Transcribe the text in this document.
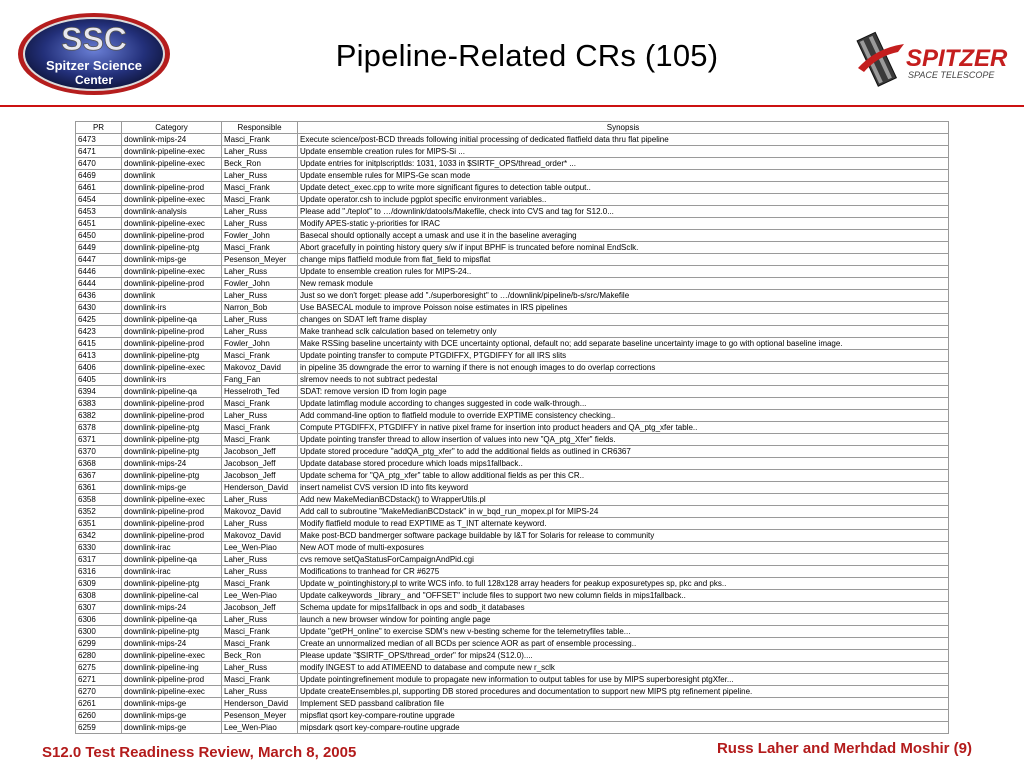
SSC
Spitzer Science
Center
Pipeline-Related CRs (105)	SPITZER
SPACE TELESCOPE
PR	Category	Responsible	Synopsis
6473	downlink-mips-24	Masci_Frank	Execute science/post-BCD threads following initial processing of dedicated flatfield data thru flat pipeline
6471	downlink-pipeline-exec	Laher_Russ	Update ensemble creation rules for MIPS-Si ...
6470	downlink-pipeline-exec	Beck_Ron	Update entries for initplscriptIds: 1031, 1033 in $SIRTF_OPS/thread_order* ...
6469	downlink	Laher_Russ	Update ensemble rules for MIPS-Ge scan mode
6461	downlink-pipeline-prod	Masci_Frank	Update detect_exec.cpp to write more significant figures to detection table output..
6454	downlink-pipeline-exec	Masci_Frank	Update operator.csh to include pgplot specific environment variables..
6453	downlink-analysis	Laher_Russ	Please add "./teplot" to …/downlink/datools/Makefile, check into CVS and tag for S12.0...
6451	downlink-pipeline-exec	Laher_Russ	Modify APES-static y-priorities for IRAC
6450	downlink-pipeline-prod	Fowler_John	Basecal should optionally accept a umask and use it in the baseline averaging
6449	downlink-pipeline-ptg	Masci_Frank	Abort gracefully in pointing history query s/w if input BPHF is truncated before nominal EndSclk.
6447	downlink-mips-ge	Pesenson_Meyer	change mips flatfield module from flat_field to mipsflat
6446	downlink-pipeline-exec	Laher_Russ	Update to ensemble creation rules for MIPS-24..
6444	downlink-pipeline-prod	Fowler_John	New remask module
6436	downlink	Laher_Russ	Just so we don't forget: please add "./superboresight" to …/downlink/pipeline/b-s/src/Makefile
6430	downlink-irs	Narron_Bob	Use BASECAL module to improve Poisson noise estimates in IRS pipelines
6425	downlink-pipeline-qa	Laher_Russ	changes on SDAT left frame display
6423	downlink-pipeline-prod	Laher_Russ	Make tranhead sclk calculation based on telemetry only
6415	downlink-pipeline-prod	Fowler_John	Make RSSing baseline uncertainty with DCE uncertainty optional, default no; add separate baseline uncertainty image to go with optional baseline image.
6413	downlink-pipeline-ptg	Masci_Frank	Update pointing transfer to compute PTGDIFFX, PTGDIFFY for all IRS slits
6406	downlink-pipeline-exec	Makovoz_David	in pipeline 35 downgrade the error to warning if there is not enough images to do overlap corrections
6405	downlink-irs	Fang_Fan	slremov needs to not subtract pedestal
6394	downlink-pipeline-qa	Hesselroth_Ted	SDAT: remove version ID from login page
6383	downlink-pipeline-prod	Masci_Frank	Update latimflag module according to changes suggested in code walk-through...
6382	downlink-pipeline-prod	Laher_Russ	Add command-line option to flatfield module to override EXPTIME consistency checking..
6378	downlink-pipeline-ptg	Masci_Frank	Compute PTGDIFFX, PTGDIFFY in native pixel frame for insertion into product headers and QA_ptg_xfer table..
6371	downlink-pipeline-ptg	Masci_Frank	Update pointing transfer thread to allow insertion of values into new "QA_ptg_Xfer" fields.
6370	downlink-pipeline-ptg	Jacobson_Jeff	Update stored procedure "addQA_ptg_xfer" to add the additional fields as outlined in CR6367
6368	downlink-mips-24	Jacobson_Jeff	Update database stored procedure which loads mips1fallback..
6367	downlink-pipeline-ptg	Jacobson_Jeff	Update schema for "QA_ptg_xfer" table to allow additional fields as per this CR..
6361	downlink-mips-ge	Henderson_David	insert namelist CVS version ID into fits keyword
6358	downlink-pipeline-exec	Laher_Russ	Add new MakeMedianBCDstack() to WrapperUtils.pl
6352	downlink-pipeline-prod	Makovoz_David	Add call to subroutine "MakeMedianBCDstack" in w_bqd_run_mopex.pl for MIPS-24
6351	downlink-pipeline-prod	Laher_Russ	Modify flatfield module to read EXPTIME as T_INT alternate keyword.
6342	downlink-pipeline-prod	Makovoz_David	Make post-BCD bandmerger software package buildable by I&T for Solaris for release to community
6330	downlink-irac	Lee_Wen-Piao	New AOT mode of multi-exposures
6317	downlink-pipeline-qa	Laher_Russ	cvs remove setQaStatusForCampaignAndPid.cgi
6316	downlink-irac	Laher_Russ	Modifications to tranhead for CR #6275
6309	downlink-pipeline-ptg	Masci_Frank	Update w_pointinghistory.pl to write WCS info. to full 128x128 array headers for peakup exposuretypes sp, pkc and pks..
6308	downlink-pipeline-cal	Lee_Wen-Piao	Update calkeywords _library_ and "OFFSET" include files to support two new column fields in mips1fallback..
6307	downlink-mips-24	Jacobson_Jeff	Schema update for mips1fallback in ops and sodb_it databases
6306	downlink-pipeline-qa	Laher_Russ	launch a new browser window for pointing angle page
6300	downlink-pipeline-ptg	Masci_Frank	Update "getPH_online" to exercise SDM's new v-besting scheme for the telemetryfiles table...
6299	downlink-mips-24	Masci_Frank	Create an unnormalized median of all BCDs per science AOR as part of ensemble processing..
6280	downlink-pipeline-exec	Beck_Ron	Please update "$SIRTF_OPS/thread_order" for mips24 (S12.0)....
6275	downlink-pipeline-ing	Laher_Russ	modify INGEST to add ATIMEEND to database and compute new r_sclk
6271	downlink-pipeline-prod	Masci_Frank	Update pointingrefinement module to propagate new information to output tables for use by MIPS superboresight ptgXfer...
6270	downlink-pipeline-exec	Laher_Russ	Update createEnsembles.pl, supporting DB stored procedures and documentation to support new MIPS ptg refinement pipeline.
6261	downlink-mips-ge	Henderson_David	Implement SED passband calibration file
6260	downlink-mips-ge	Pesenson_Meyer	mipsflat qsort key-compare-routine upgrade
6259	downlink-mips-ge	Lee_Wen-Piao	mipsdark qsort key-compare-routine upgrade
S12.0 Test Readiness Review, March 8, 2005	Russ Laher and Merhdad Moshir (9)
